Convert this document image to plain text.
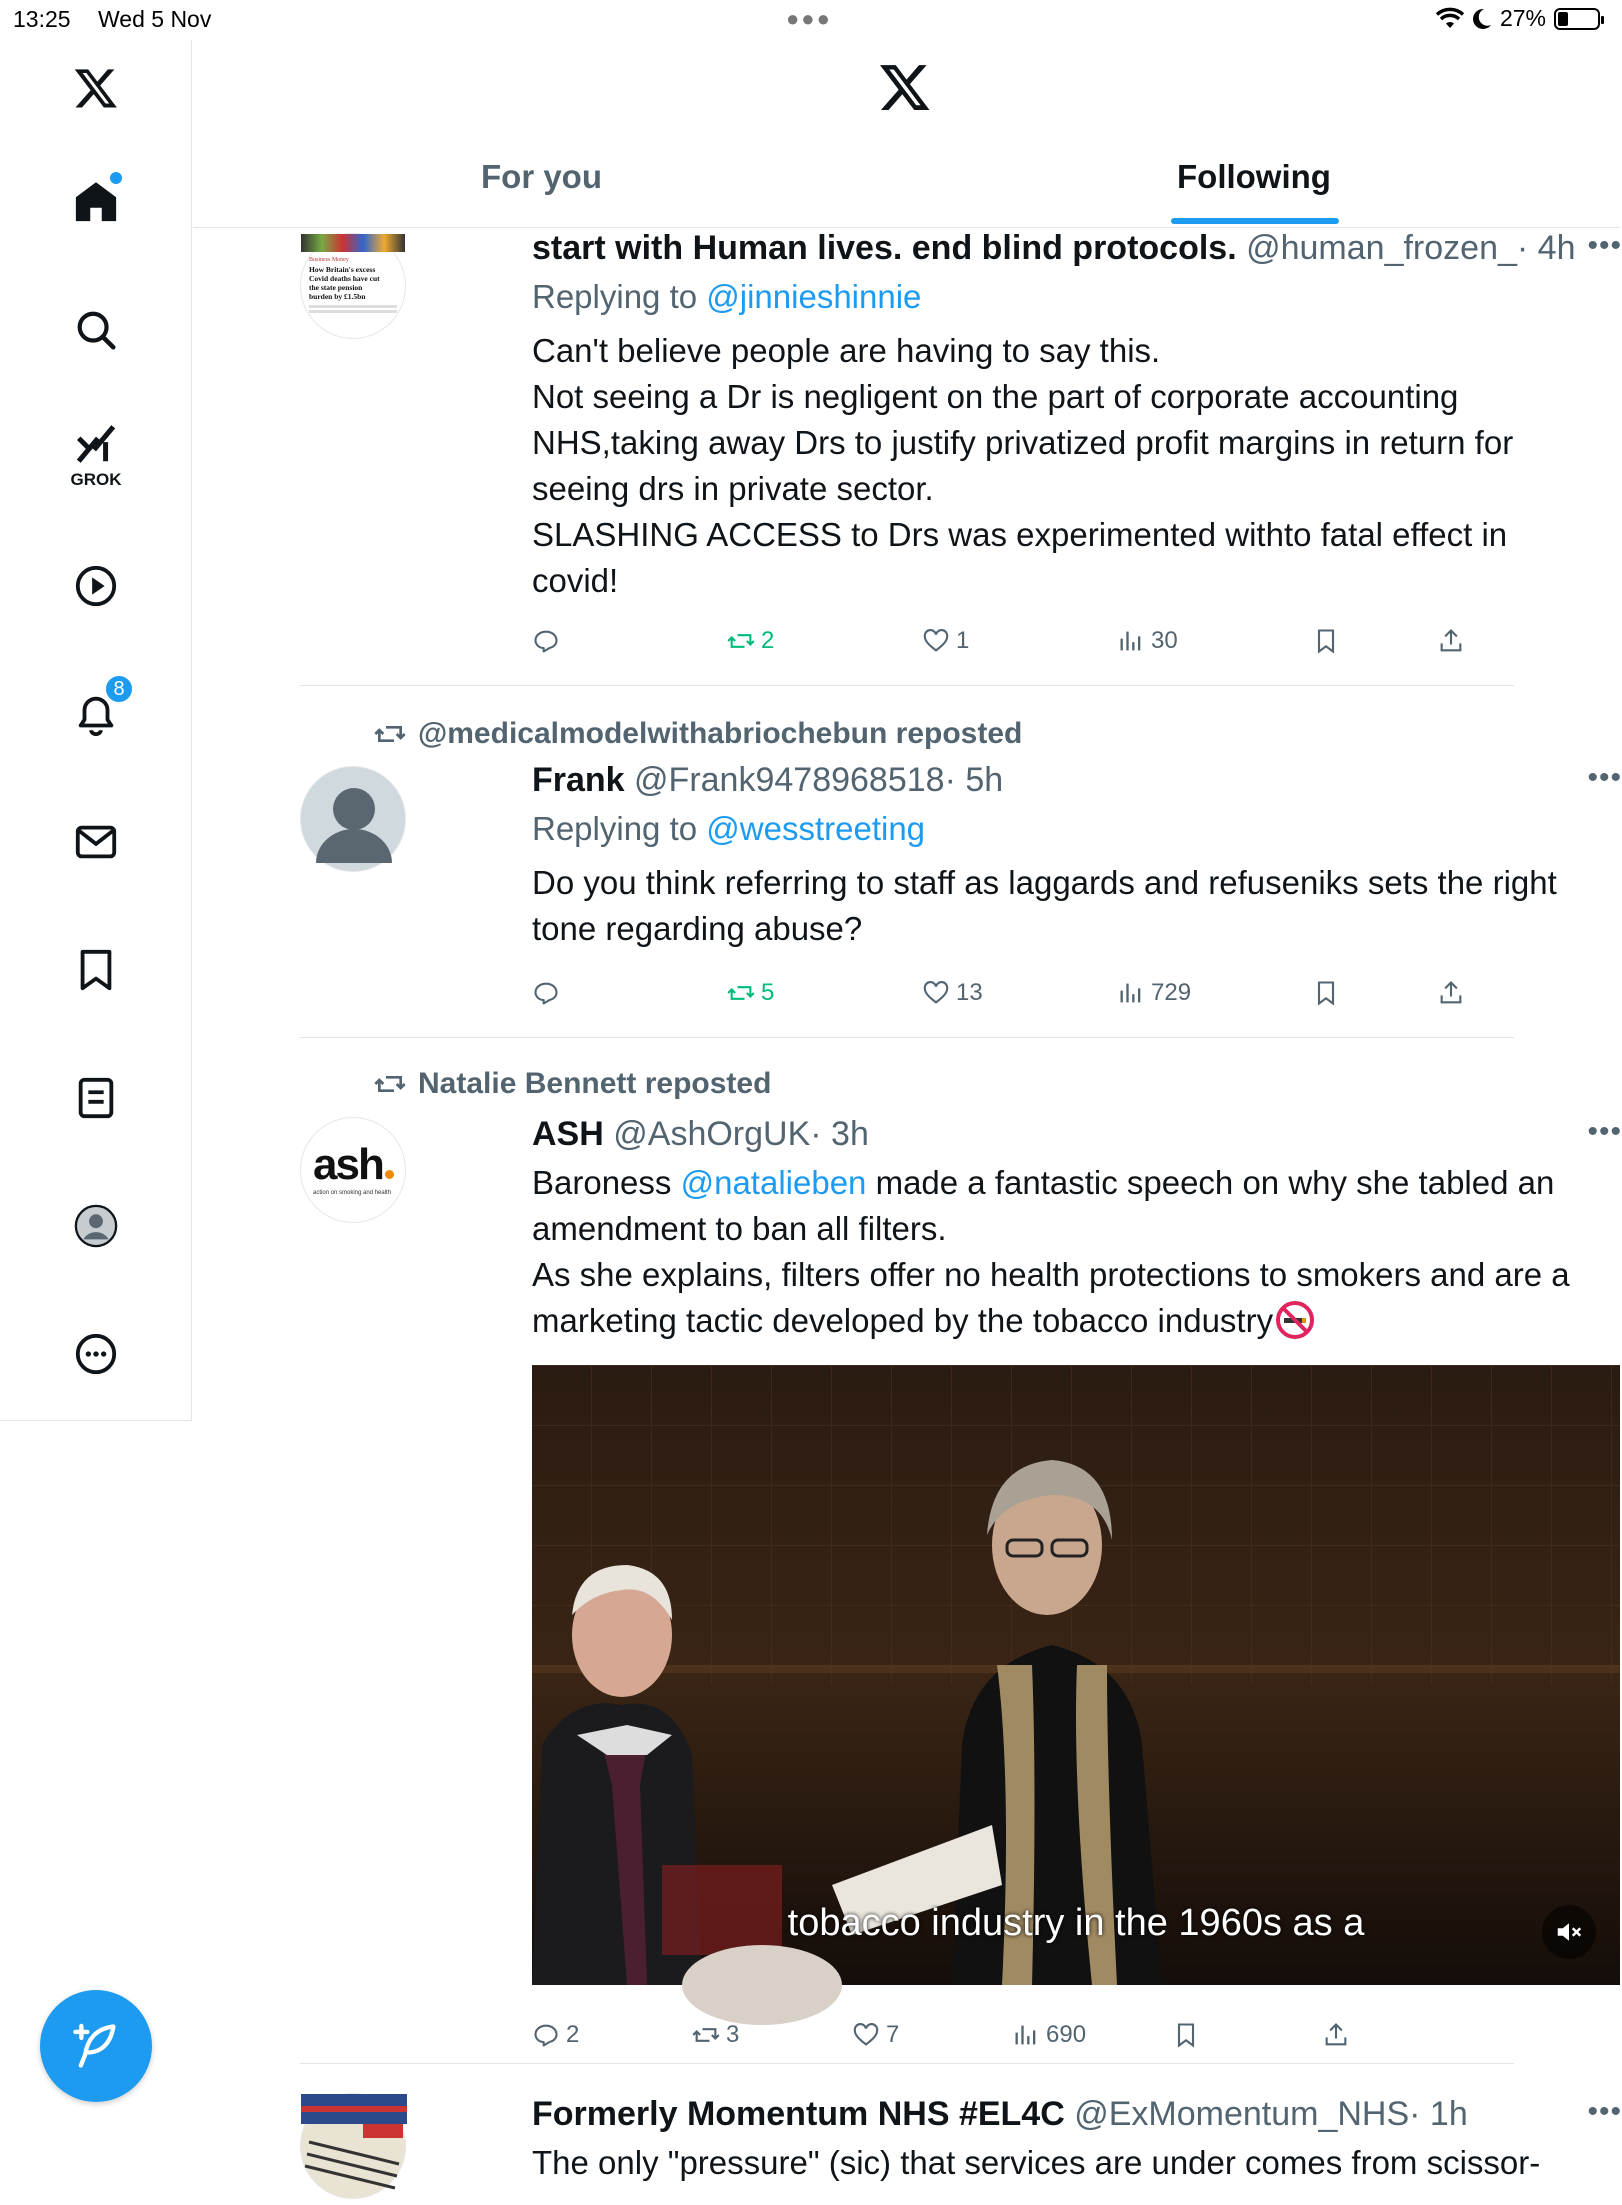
13:25 Wed 5 Nov	●●●	27%
GROK
8
For you	Following
Business Money
How Britain's excess
Covid deaths have cut
the state pension
burden by £1.5bn
start with Human lives. end blind protocols. @human_frozen_· 4h •••
Replying to @jinnieshinnie
Can't believe people are having to say this.
Not seeing a Dr is negligent on the part of corporate accounting
NHS,taking away Drs to justify privatized profit margins in return for
seeing drs in private sector.
SLASHING ACCESS to Drs was experimented withto fatal effect in
covid!
2	1	30
@medicalmodelwithabriochebun reposted
Frank @Frank9478968518· 5h	•••
Replying to @wesstreeting
Do you think referring to staff as laggards and refuseniks sets the right
tone regarding abuse?
5	13	729
Natalie Bennett reposted
ash
action on smoking and health
ASH @AshOrgUK· 3h	•••
Baroness @natalieben made a fantastic speech on why she tabled an
amendment to ban all filters.
As she explains, filters offer no health protections to smokers and are a
marketing tactic developed by the tobacco industry
tobacco industry in the 1960s as a
2	3	7	690
Formerly Momentum NHS #EL4C @ExMomentum_NHS· 1h	•••
The only "pressure" (sic) that services are under comes from scissor-
